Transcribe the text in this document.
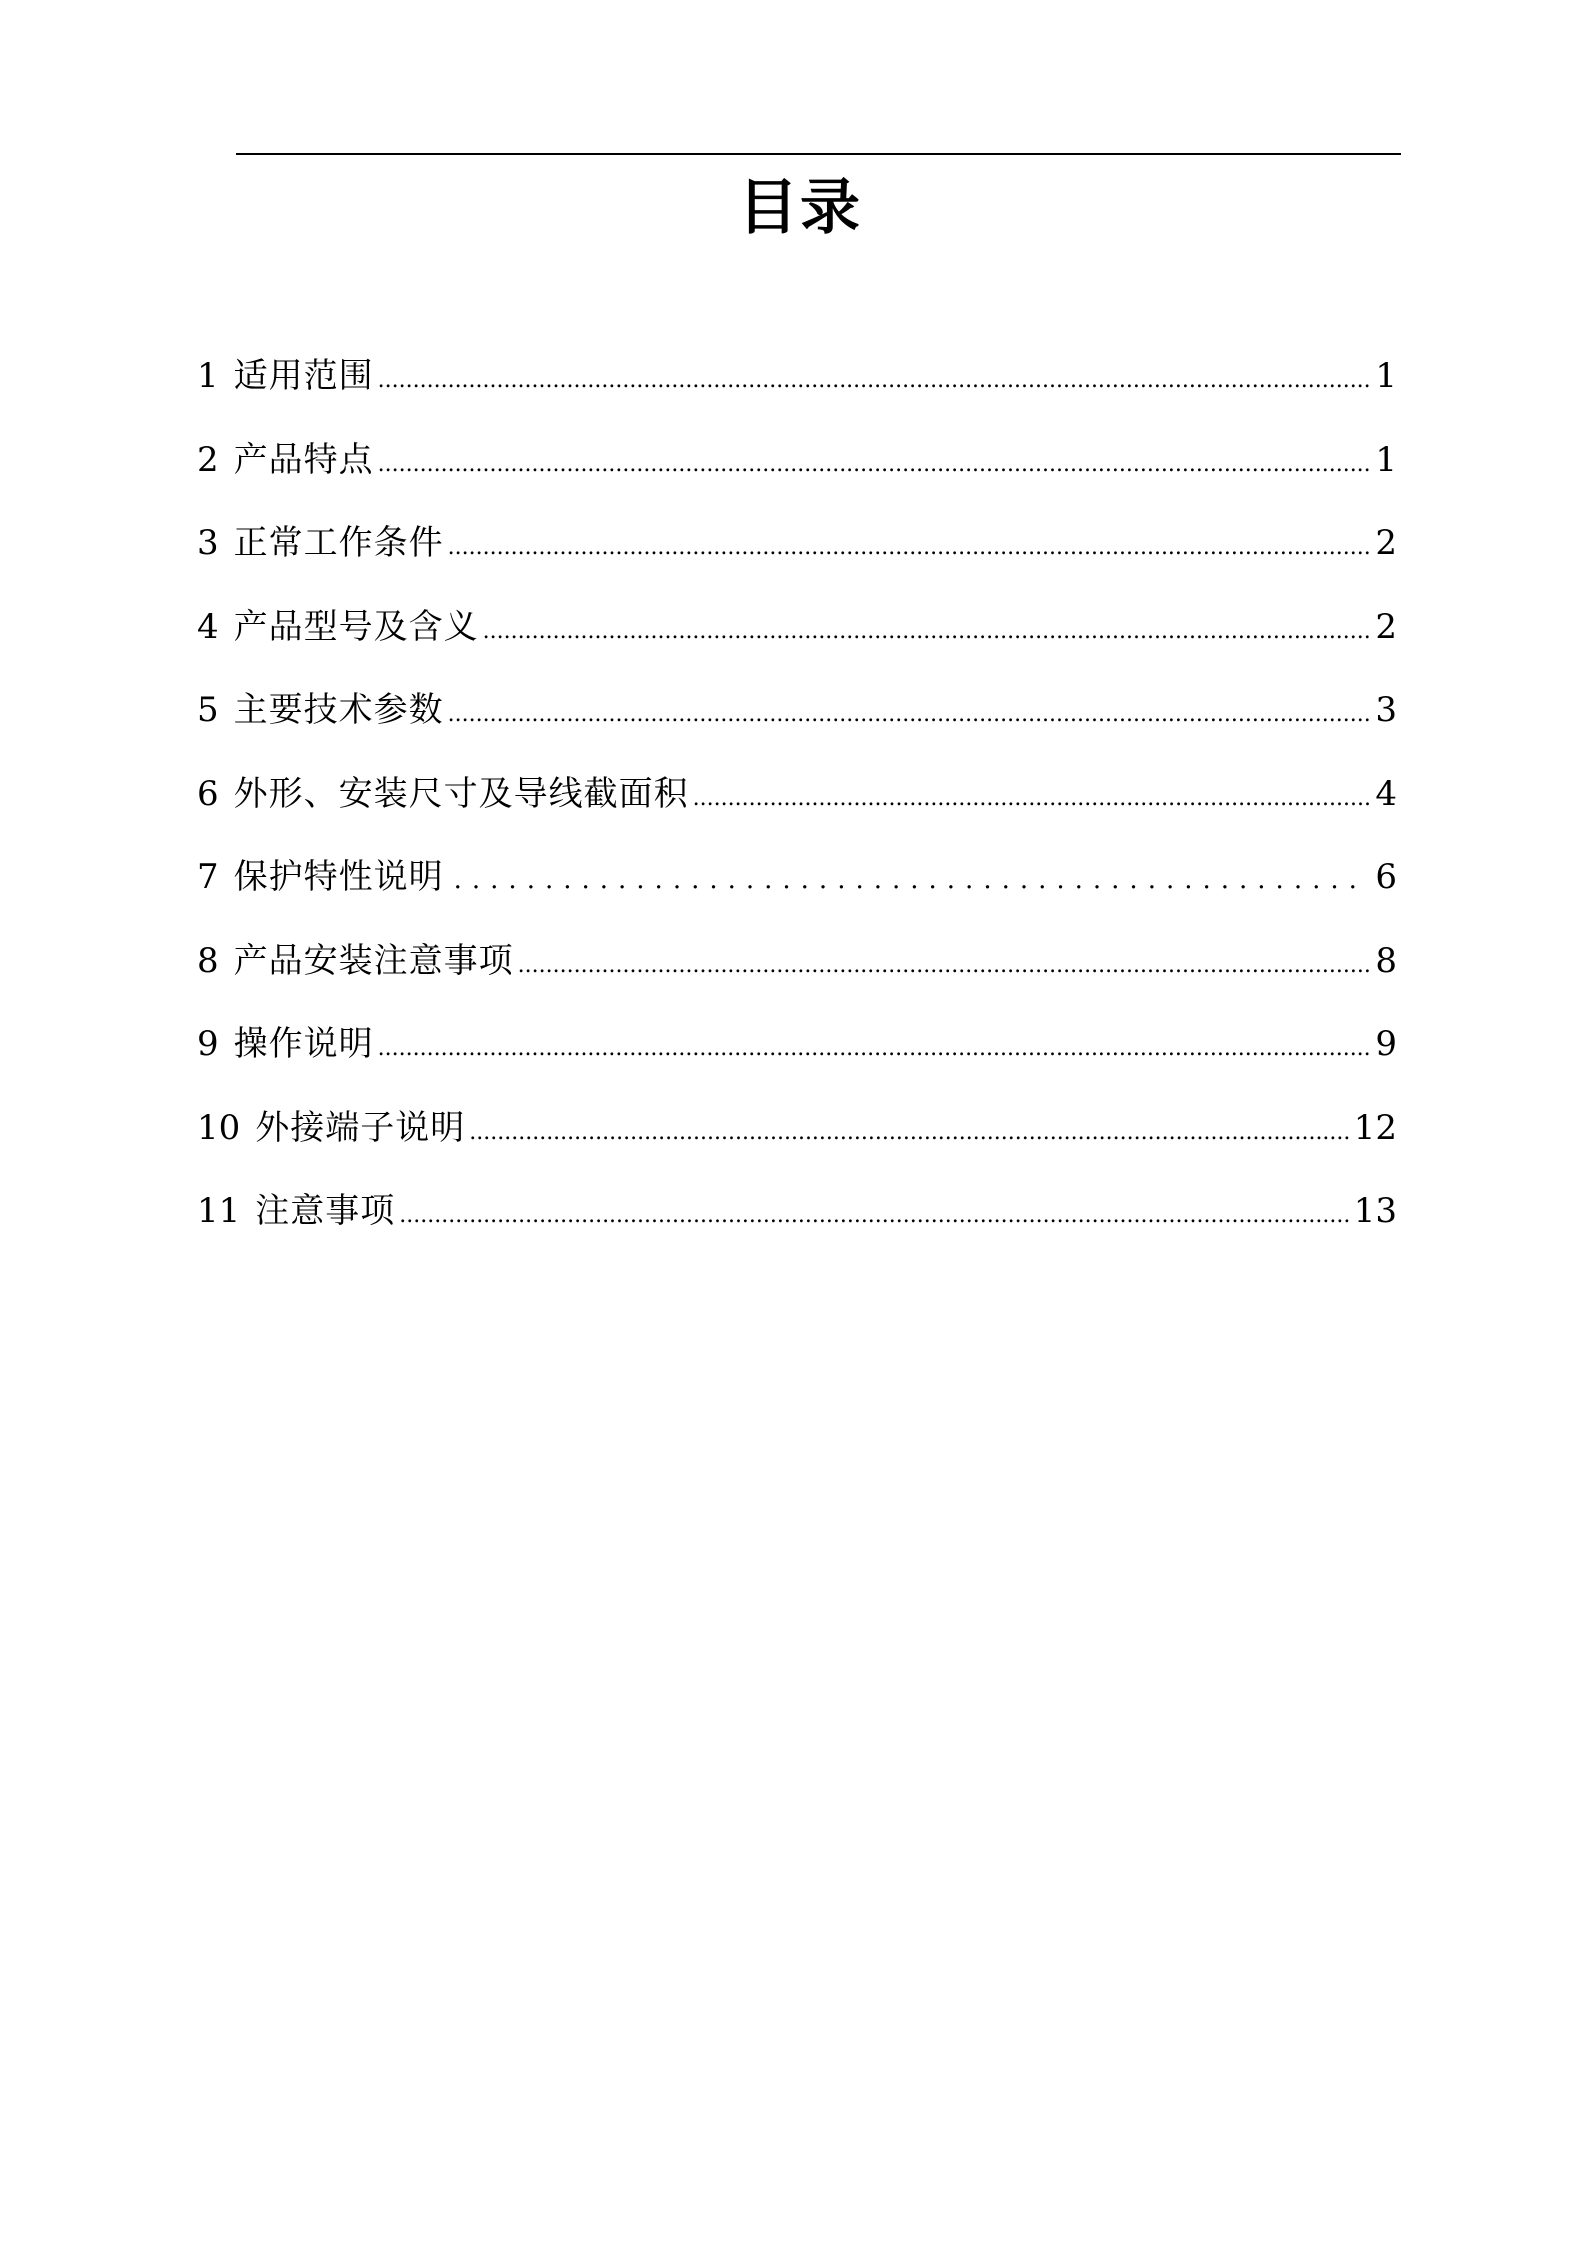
目录
1 适用范围 .....	1
2 产品特点 .....	1
3 正常工作条件 .....	2
4 产品型号及含义 .....	2
5 主要技术参数 .....	3
6 外形、安装尺寸及导线截面积 .....	4
7 保护特性说明 .....	6
8 产品安装注意事项 .....	8
9 操作说明 .....	9
10 外接端子说明 .....	12
11 注意事项 .....	13
